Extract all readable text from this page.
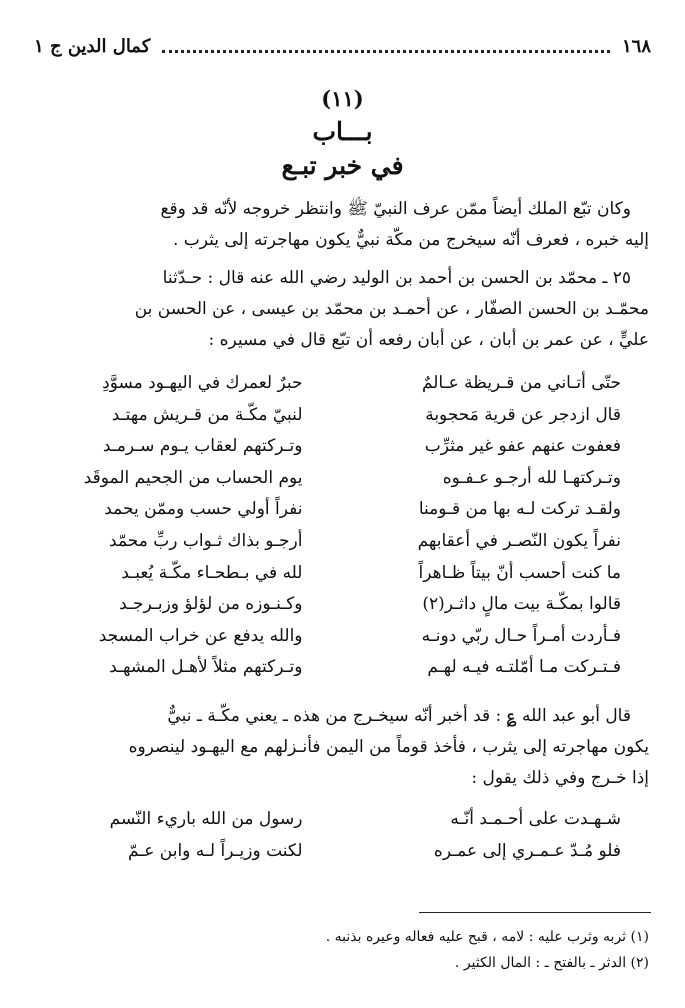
١٦٨
كمال الدين ج ١
(١١)
بـــاب
في خبر تبـع
وكان تبّع الملك أيضاً ممّن عرف النبيّ ﷺ وانتظر خروجه لأنّه قد وقع
إليه خبره ، فعرف أنّه سيخرج من مكّة نبيٌّ يكون مهاجرته إلى يثرب .
٢٥ ـ محمّد بن الحسن بن أحمد بن الوليد رضي الله عنه قال : حـدّثنا
محمّـد بن الحسن الصفّار ، عن أحمـد بن محمّد بن عيسى ، عن الحسن بن
عليٍّ ، عن عمر بن أبان ، عن أبان رفعه أن تبّع قال في مسيره :
حتّى أتـاني من قـريظة عـالمٌ
حبرٌ لعمرك في اليهـود مسوَّدِ
قال ازدجر عن قرية مَحجوبة
لنبيّ مكّـة من قـريش مهتـد
فعفوت عنهم عفو غير مثرِّب
وتـركتهم لعقاب يـوم سـرمـد
وتـركتهـا لله أرجـو عـفـوه
يوم الحساب من الجحيم الموقَد
ولقـد تركت لـه بها من قـومنا
نفراً أولي حسب وممّن يحمد
نفراً يكون النّصـر في أعقابهم
أرجـو بذاك ثـواب ربِّ محمّد
ما كنت أحسب أنّ بيتاً ظـاهراً
لله في بـطحـاء مكّـة يُعبـد
قالوا بمكّـة بيت مالٍ داثـر(٢)
وكـنـوزه من لؤلؤ وزبـرجـد
فـأردت أمـراً حـال ربّي دونـه
والله يدفع عن خراب المسجد
فـتـركت مـا أمّلتـه فيـه لهـم
وتـركتهم مثلاً لأهـل المشهـد
قال أبو عبد الله ؏ : قد أخبر أنّه سيخـرج من هذه ـ يعني مكّـة ـ نبيٌّ
يكون مهاجرته إلى يثرب ، فأخذ قوماً من اليمن فأنـزلهم مع اليهـود لينصروه
إذا خـرج وفي ذلك يقول :
شـهـدت على أحـمـد أنّـه
رسول من الله باريء النّسم
فلو مُـدّ عـمـري إلى عمـره
لكنت وزيـراً لـه وابن عـمّ
(١) ثربه وثرب عليه : لامه ، قبح عليه فعاله وعيره بذنبه .
(٢) الدثر ـ بالفتح ـ : المال الكثير .
